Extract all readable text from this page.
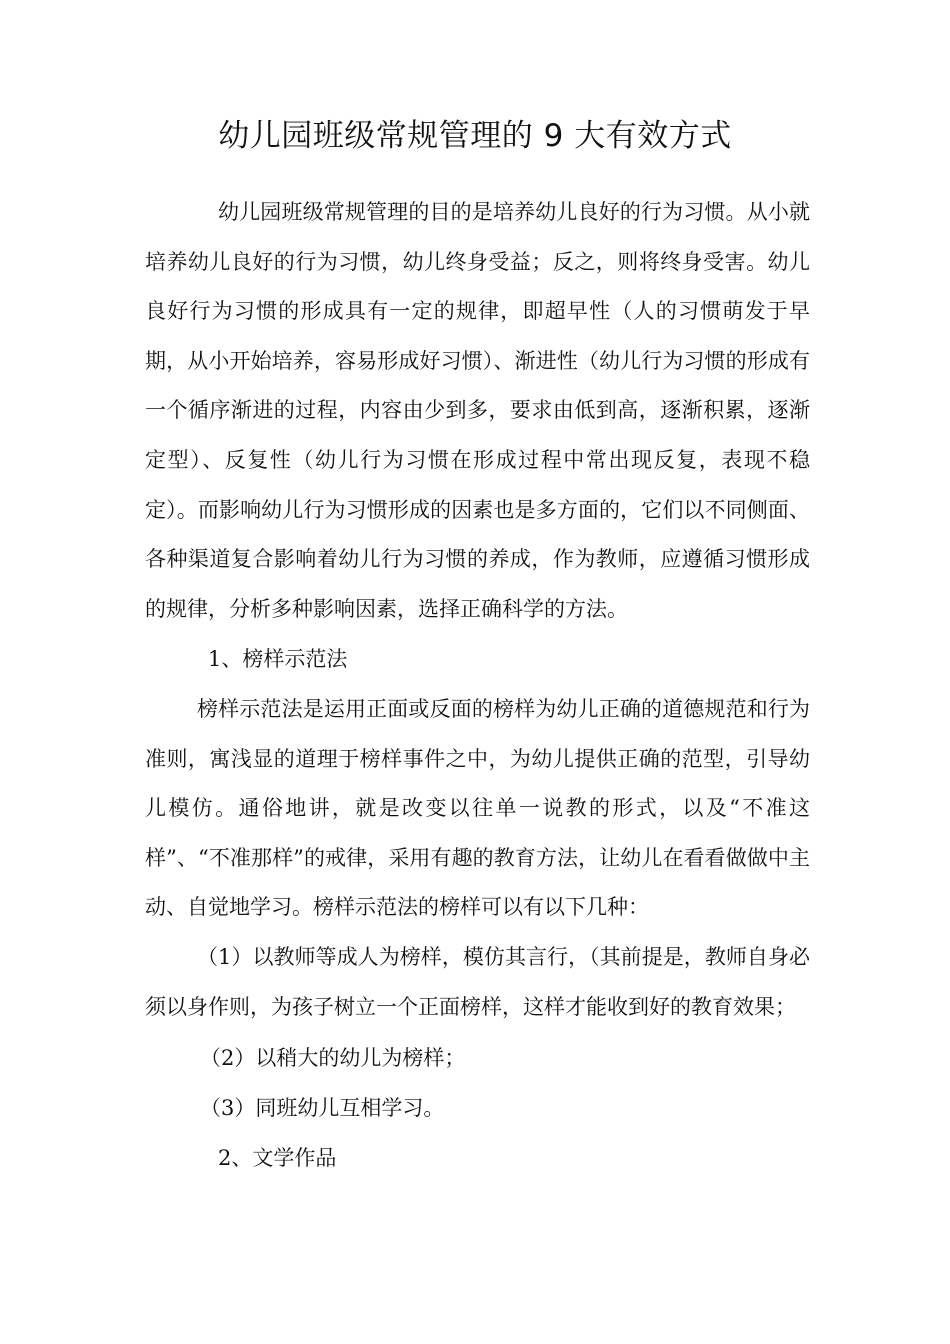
幼儿园班级常规管理的 9 大有效方式

幼儿园班级常规管理的目的是培养幼儿良好的行为习惯。从小就培养幼儿良好的行为习惯，幼儿终身受益；反之，则将终身受害。幼儿良好行为习惯的形成具有一定的规律，即超早性（人的习惯萌发于早期，从小开始培养，容易形成好习惯）、渐进性（幼儿行为习惯的形成有一个循序渐进的过程，内容由少到多，要求由低到高，逐渐积累，逐渐定型）、反复性（幼儿行为习惯在形成过程中常出现反复，表现不稳定）。而影响幼儿行为习惯形成的因素也是多方面的，它们以不同侧面、各种渠道复合影响着幼儿行为习惯的养成，作为教师，应遵循习惯形成的规律，分析多种影响因素，选择正确科学的方法。

1、榜样示范法

榜样示范法是运用正面或反面的榜样为幼儿正确的道德规范和行为准则，寓浅显的道理于榜样事件之中，为幼儿提供正确的范型，引导幼儿模仿。通俗地讲，就是改变以往单一说教的形式，以及“不准这样”、“不准那样”的戒律，采用有趣的教育方法，让幼儿在看看做做中主动、自觉地学习。榜样示范法的榜样可以有以下几种：

（1）以教师等成人为榜样，模仿其言行，（其前提是，教师自身必须以身作则，为孩子树立一个正面榜样，这样才能收到好的教育效果；

（2）以稍大的幼儿为榜样；

（3）同班幼儿互相学习。

2、文学作品
